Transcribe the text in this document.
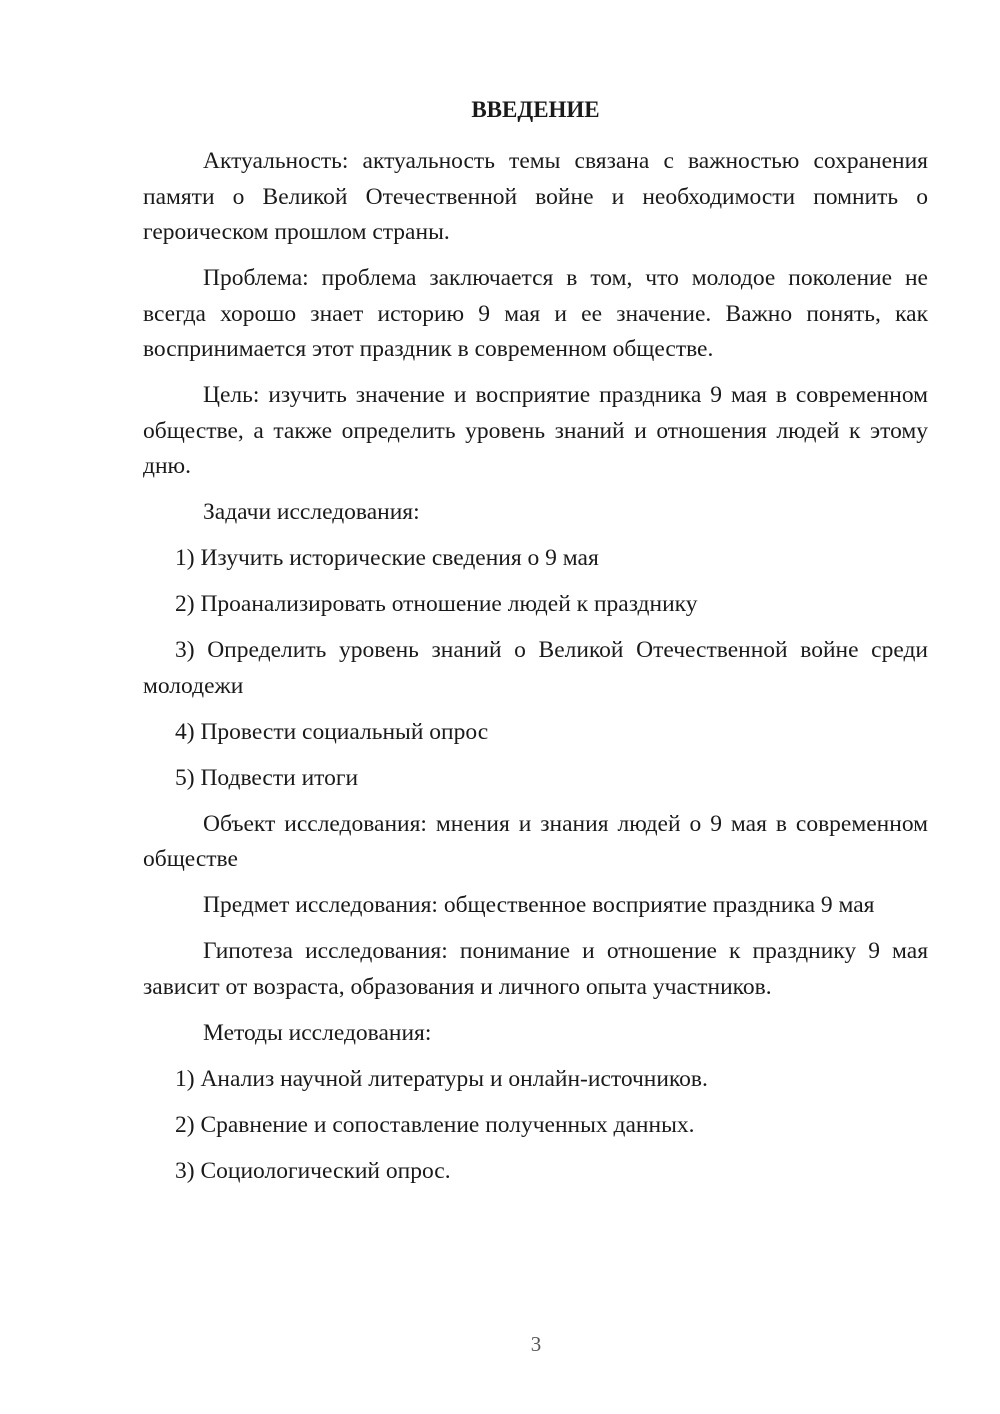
ВВЕДЕНИЕ

Актуальность: актуальность темы связана с важностью сохранения памяти о Великой Отечественной войне и необходимости помнить о героическом прошлом страны.

Проблема: проблема заключается в том, что молодое поколение не всегда хорошо знает историю 9 мая и ее значение. Важно понять, как воспринимается этот праздник в современном обществе.

Цель: изучить значение и восприятие праздника 9 мая в современном обществе, а также определить уровень знаний и отношения людей к этому дню.

Задачи исследования:

1) Изучить исторические сведения о 9 мая

2) Проанализировать отношение людей к празднику

3) Определить уровень знаний о Великой Отечественной войне среди молодежи

4) Провести социальный опрос

5) Подвести итоги

Объект исследования: мнения и знания людей о 9 мая в современном обществе

Предмет исследования: общественное восприятие праздника 9 мая

Гипотеза исследования: понимание и отношение к празднику 9 мая зависит от возраста, образования и личного опыта участников.

Методы исследования:

1) Анализ научной литературы и онлайн-источников.

2) Сравнение и сопоставление полученных данных.

3) Социологический опрос.

3
